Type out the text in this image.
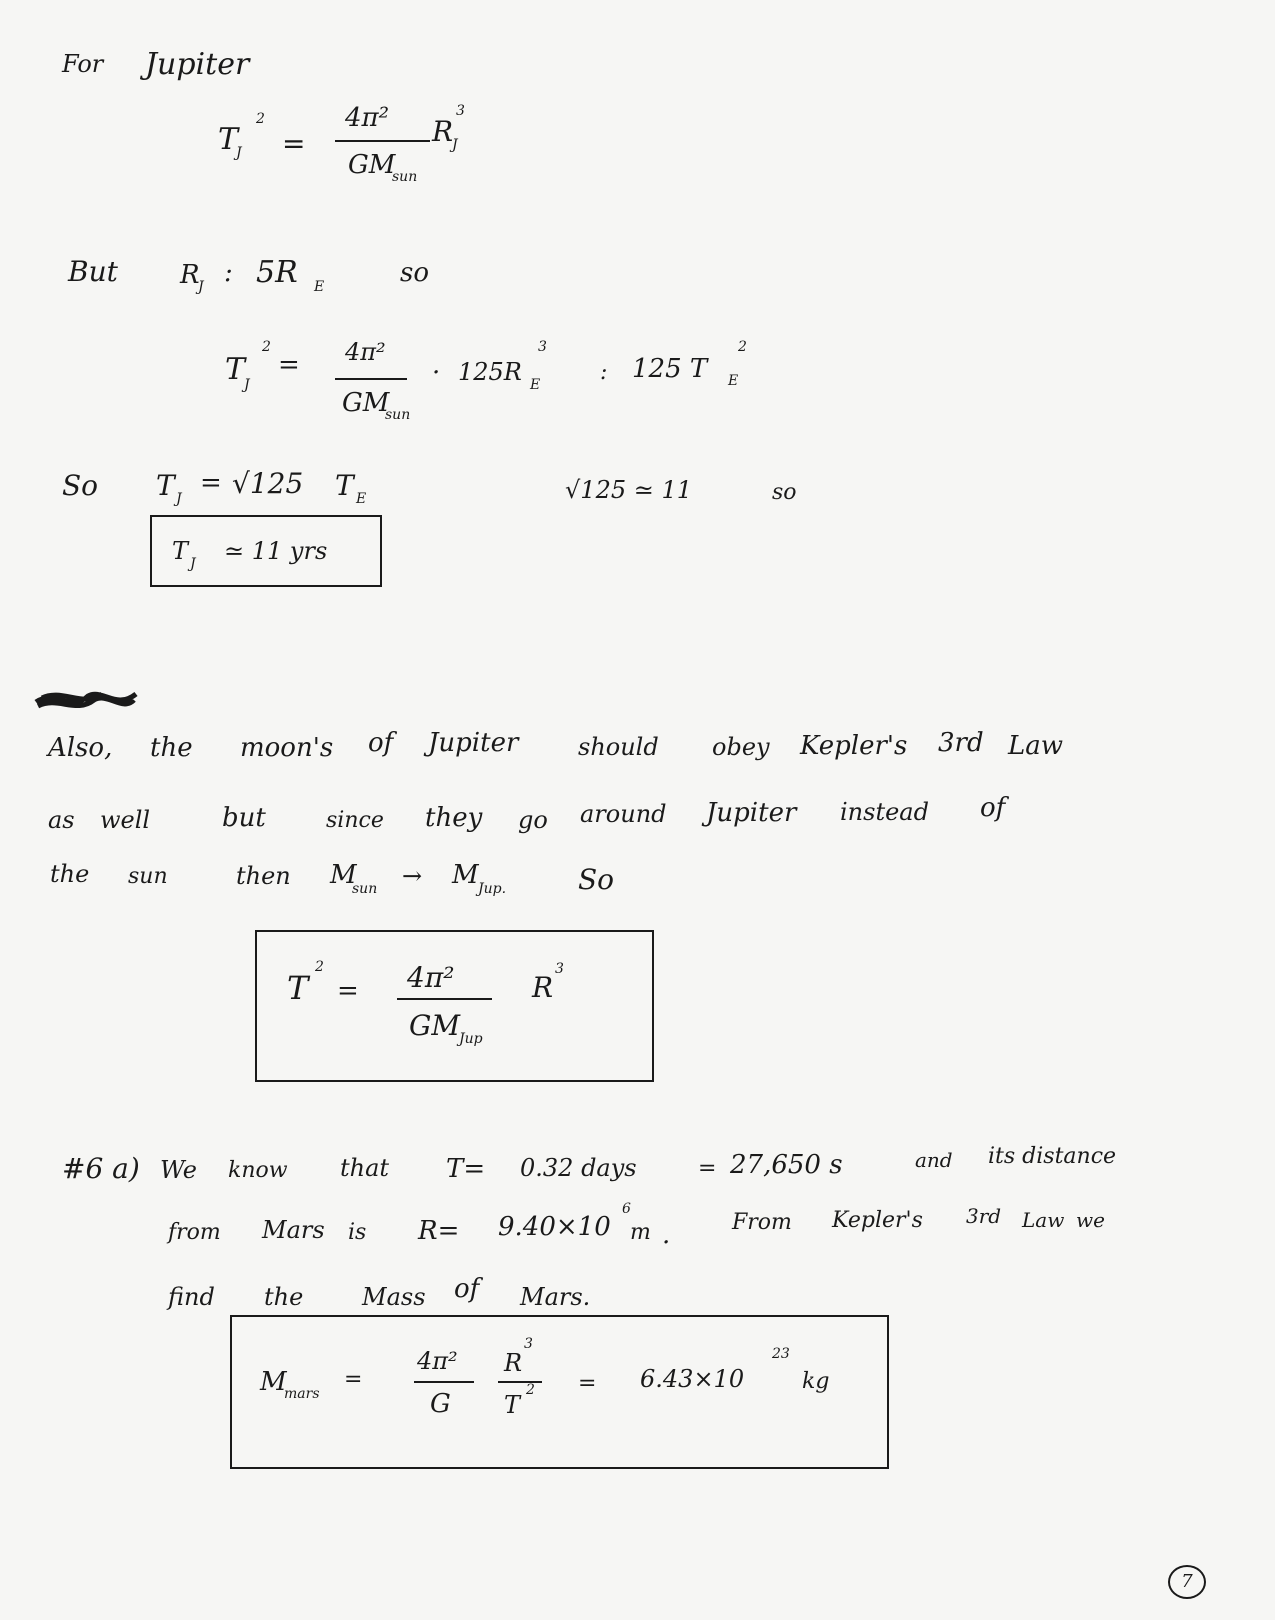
For Jupiter
T
J
2
=
4π²
GM
sun
R
J
3
But R
J : 5R E	so
T
J
2
= 4π²
GM
sun
· 125R E
3
: 125 T E
2
So T J
= √125 T E	√125 ≃ 11	so
T J ≃ 11 yrs
Also, the moon's of Jupiter should obey Kepler's 3rd Law
as well	but	since they go around Jupiter instead of
the sun	then M
sun → M Jup.	So
T
2
= 4π²
GM
Jup
R
3
#6 a) We know that T= 0.32 days	= 27,650 s	and its distance
from Mars is R= 9.40×10
6
m .	From Kepler's 3rd Law we
find the Mass of Mars.
M
mars
=
4π²
G
R
3
T
2 = 6.43×10
23
kg
7
